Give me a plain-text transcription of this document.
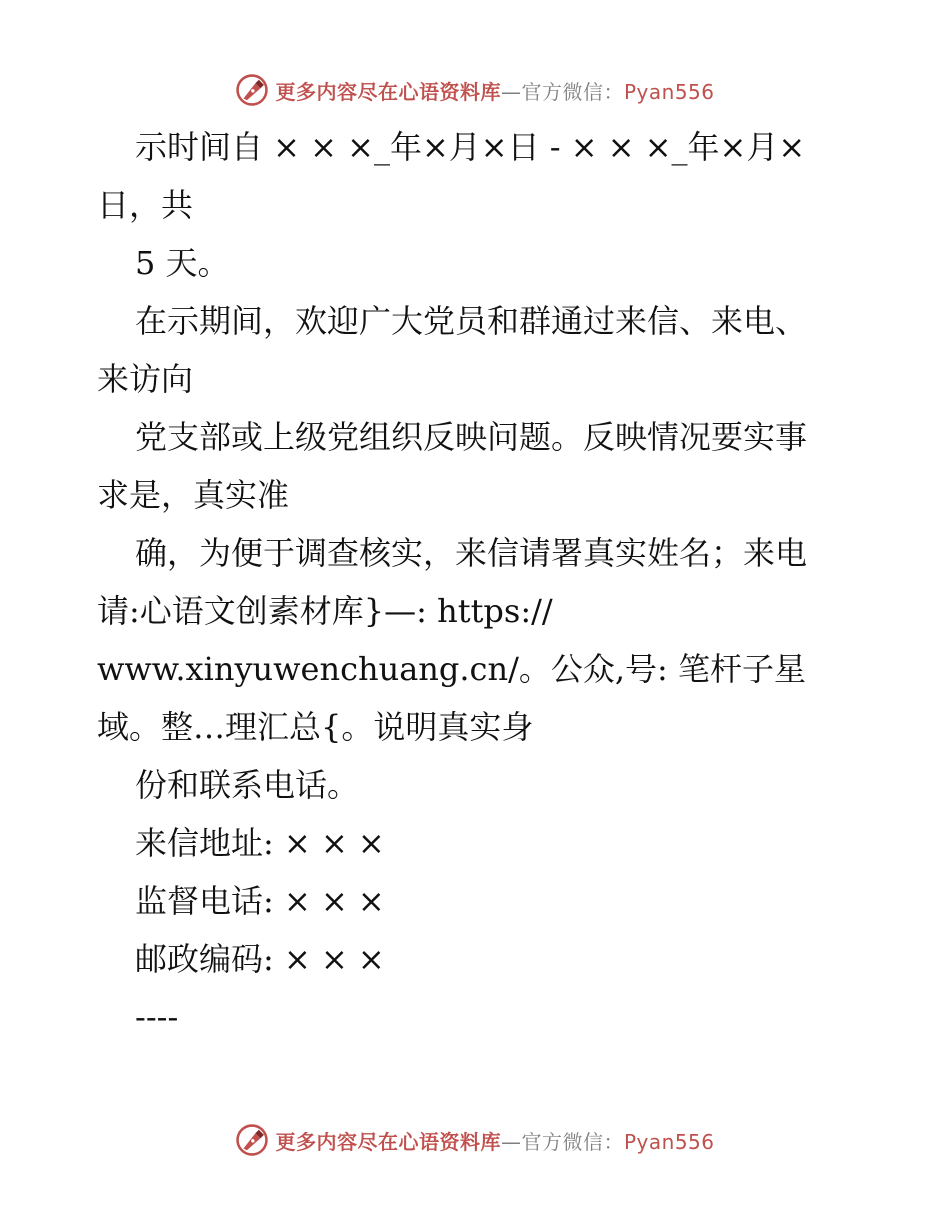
更多内容尽在心语资料库—官方微信：Pyan556
示时间自 × × ×_年×月×日 - × × ×_年×月×
日，共
5 天。
在示期间，欢迎广大党员和群通过来信、来电、
来访向
党支部或上级党组织反映问题。反映情况要实事
求是，真实准
确，为便于调查核实，来信请署真实姓名；来电
请:心语文创素材库}—: https://
www.xinyuwenchuang.cn/。公众,号: 笔杆子星
域。整…理汇总{。说明真实身
份和联系电话。
来信地址: × × ×
监督电话: × × ×
邮政编码: × × ×
----
更多内容尽在心语资料库—官方微信：Pyan556
